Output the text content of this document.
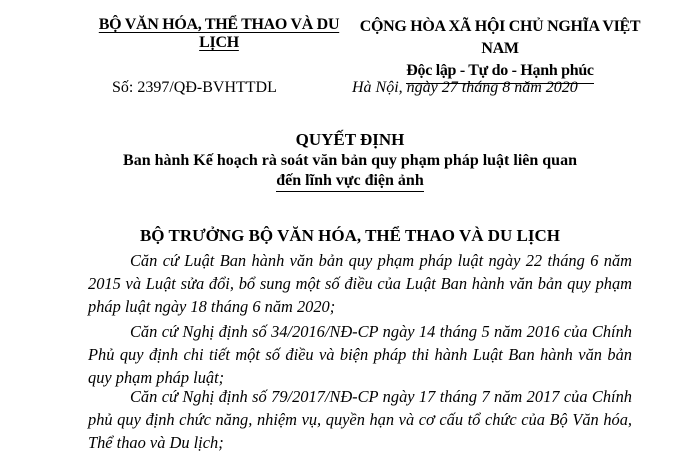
BỘ VĂN HÓA, THỂ THAO VÀ DU LỊCH
CỘNG HÒA XÃ HỘI CHỦ NGHĨA VIỆT NAM
Độc lập - Tự do - Hạnh phúc
Số: 2397/QĐ-BVHTTDL	Hà Nội, ngày 27 tháng 8 năm 2020
QUYẾT ĐỊNH
Ban hành Kế hoạch rà soát văn bản quy phạm pháp luật liên quan
đến lĩnh vực điện ảnh
BỘ TRƯỞNG BỘ VĂN HÓA, THỂ THAO VÀ DU LỊCH

Căn cứ Luật Ban hành văn bản quy phạm pháp luật ngày 22 tháng 6 năm 2015 và Luật sửa đổi, bổ sung một số điều của Luật Ban hành văn bản quy phạm pháp luật ngày 18 tháng 6 năm 2020;

Căn cứ Nghị định số 34/2016/NĐ-CP ngày 14 tháng 5 năm 2016 của Chính Phủ quy định chi tiết một số điều và biện pháp thi hành Luật Ban hành văn bản quy phạm pháp luật;

Căn cứ Nghị định số 79/2017/NĐ-CP ngày 17 tháng 7 năm 2017 của Chính phủ quy định chức năng, nhiệm vụ, quyền hạn và cơ cấu tổ chức của Bộ Văn hóa, Thể thao và Du lịch;
